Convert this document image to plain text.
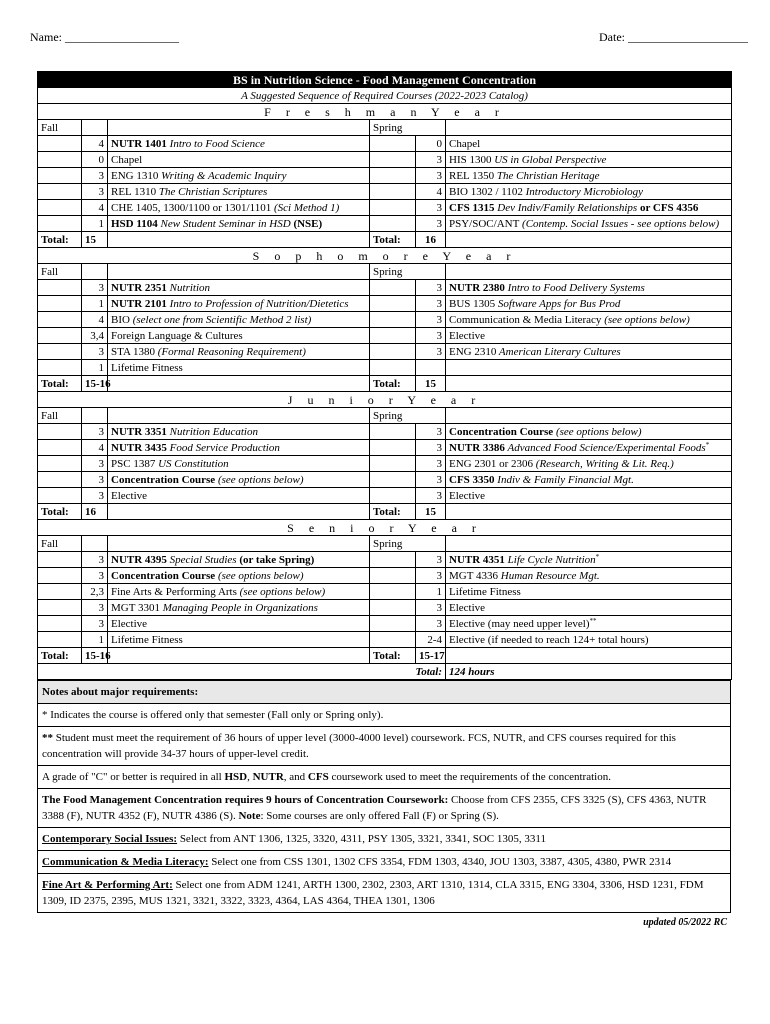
Name: ___________________	Date: ____________________
BS in Nutrition Science - Food Management Concentration					
A Suggested Sequence of Required Courses (2022-2023 Catalog)					
F r e s h m a n Y e a r					
Fall			Spring		
	4	NUTR 1401 Intro to Food Science		0	Chapel
	0	Chapel		3	HIS 1300 US in Global Perspective
	3	ENG 1310 Writing & Academic Inquiry		3	REL 1350 The Christian Heritage
	3	REL 1310 The Christian Scriptures		4	BIO 1302 / 1102 Introductory Microbiology
	4	CHE 1405, 1300/1100 or 1301/1101 (Sci Method 1)		3	CFS 1315 Dev Indiv/Family Relationships or CFS 4356
	1	HSD 1104 New Student Seminar in HSD (NSE)		3	PSY/SOC/ANT (Contemp. Social Issues - see options below)
Total:	15		Total:	16	
S o p h o m o r e Y e a r					
Fall			Spring		
	3	NUTR 2351 Nutrition		3	NUTR 2380 Intro to Food Delivery Systems
	1	NUTR 2101 Intro to Profession of Nutrition/Dietetics		3	BUS 1305 Software Apps for Bus Prod
	4	BIO (select one from Scientific Method 2 list)		3	Communication & Media Literacy (see options below)
	3,4	Foreign Language & Cultures		3	Elective
	3	STA 1380 (Formal Reasoning Requirement)		3	ENG 2310 American Literary Cultures
	1	Lifetime Fitness			
Total:	15-16		Total:	15	
J u n i o r Y e a r					
Fall			Spring		
	3	NUTR 3351 Nutrition Education		3	Concentration Course (see options below)
	4	NUTR 3435 Food Service Production		3	NUTR 3386 Advanced Food Science/Experimental Foods*
	3	PSC 1387 US Constitution		3	ENG 2301 or 2306 (Research, Writing & Lit. Req.)
	3	Concentration Course (see options below)		3	CFS 3350 Indiv & Family Financial Mgt.
	3	Elective		3	Elective
Total:	16		Total:	15	
S e n i o r Y e a r					
Fall			Spring		
	3	NUTR 4395 Special Studies (or take Spring)		3	NUTR 4351 Life Cycle Nutrition*
	3	Concentration Course (see options below)		3	MGT 4336 Human Resource Mgt.
	2,3	Fine Arts & Performing Arts (see options below)		1	Lifetime Fitness
	3	MGT 3301 Managing People in Organizations		3	Elective
	3	Elective		3	Elective (may need upper level)**
	1	Lifetime Fitness		2-4	Elective (if needed to reach 124+ total hours)
Total:	15-16		Total:	15-17	
Total:					124 hours
Notes about major requirements:
* Indicates the course is offered only that semester (Fall only or Spring only).
** Student must meet the requirement of 36 hours of upper level (3000-4000 level) coursework. FCS, NUTR, and CFS courses required for this concentration will provide 34-37 hours of upper-level credit.
A grade of "C" or better is required in all HSD, NUTR, and CFS coursework used to meet the requirements of the concentration.
The Food Management Concentration requires 9 hours of Concentration Coursework: Choose from CFS 2355, CFS 3325 (S), CFS 4363, NUTR 3388 (F), NUTR 4352 (F), NUTR 4386 (S). Note: Some courses are only offered Fall (F) or Spring (S).
Contemporary Social Issues: Select from ANT 1306, 1325, 3320, 4311, PSY 1305, 3321, 3341, SOC 1305, 3311
Communication & Media Literacy: Select one from CSS 1301, 1302 CFS 3354, FDM 1303, 4340, JOU 1303, 3387, 4305, 4380, PWR 2314
Fine Art & Performing Art: Select one from ADM 1241, ARTH 1300, 2302, 2303, ART 1310, 1314, CLA 3315, ENG 3304, 3306, HSD 1231, FDM 1309, ID 2375, 2395, MUS 1321, 3321, 3322, 3323, 4364, LAS 4364, THEA 1301, 1306
updated 05/2022 RC
